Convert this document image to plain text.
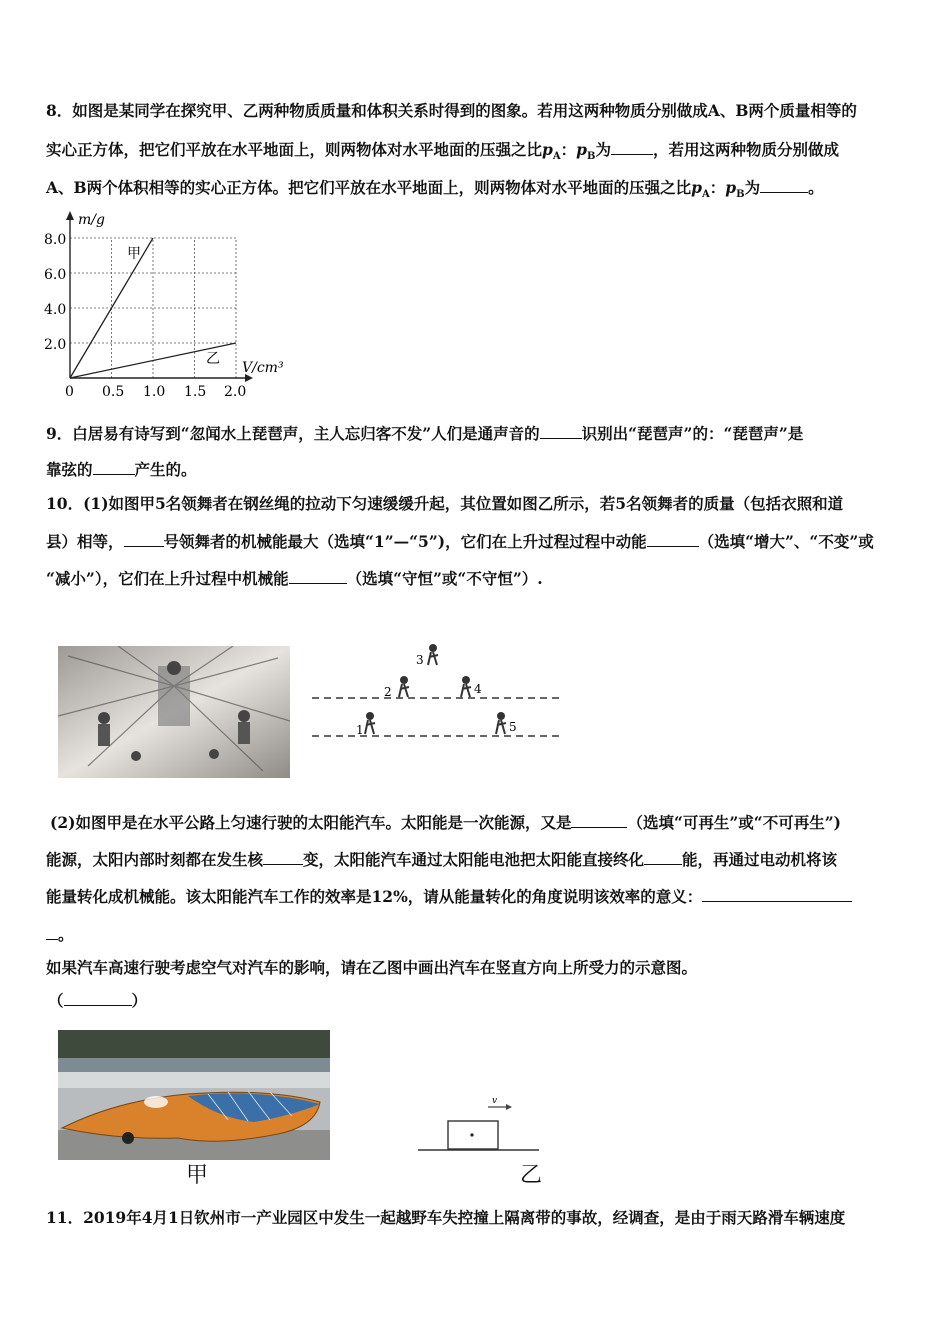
8．如图是某同学在探究甲、乙两种物质质量和体积关系时得到的图象。若用这两种物质分别做成A、B两个质量相等的
实心正方体，把它们平放在水平地面上，则两物体对水平地面的压强之比$p_A$：$p_B$为	，若用这两种物质分别做成
A、B两个体积相等的实心正方体。把它们平放在水平地面上，则两物体对水平地面的压强之比$p_A$：$p_B$为	。
m/g
V/cm³
8.0
6.0
4.0
2.0
0 0.5 1.0 1.5 2.0
甲
乙
9．白居易有诗写到“忽闻水上琵琶声，主人忘归客不发”人们是通声音的	识别出“琵琶声”的：“琵琶声”是
靠弦的	产生的。
10．(1)如图甲5名领舞者在钢丝绳的拉动下匀速缓缓升起，其位置如图乙所示，若5名领舞者的质量（包括衣照和道
县）相等，	号领舞者的机械能最大（选填“1”—“5”)，它们在上升过程过程中动能	（选填“增大”、“不变”或
“减小”），它们在上升过程中机械能	（选填“守恒”或“不守恒”）.
1
2
3
4
5
(2)如图甲是在水平公路上匀速行驶的太阳能汽车。太阳能是一次能源，又是	（选填“可再生”或“不可再生”)
能源，太阳内部时刻都在发生核	变，太阳能汽车通过太阳能电池把太阳能直接终化 能，再通过电动机将该
能量转化成机械能。该太阳能汽车工作的效率是12%，请从能量转化的角度说明该效率的意义：
。
如果汽车高速行驶考虑空气对汽车的影响，请在乙图中画出汽车在竖直方向上所受力的示意图。
（	）
甲
v
乙
11．2019年4月1日钦州市一产业园区中发生一起越野车失控撞上隔离带的事故，经调查，是由于雨天路滑车辆速度
